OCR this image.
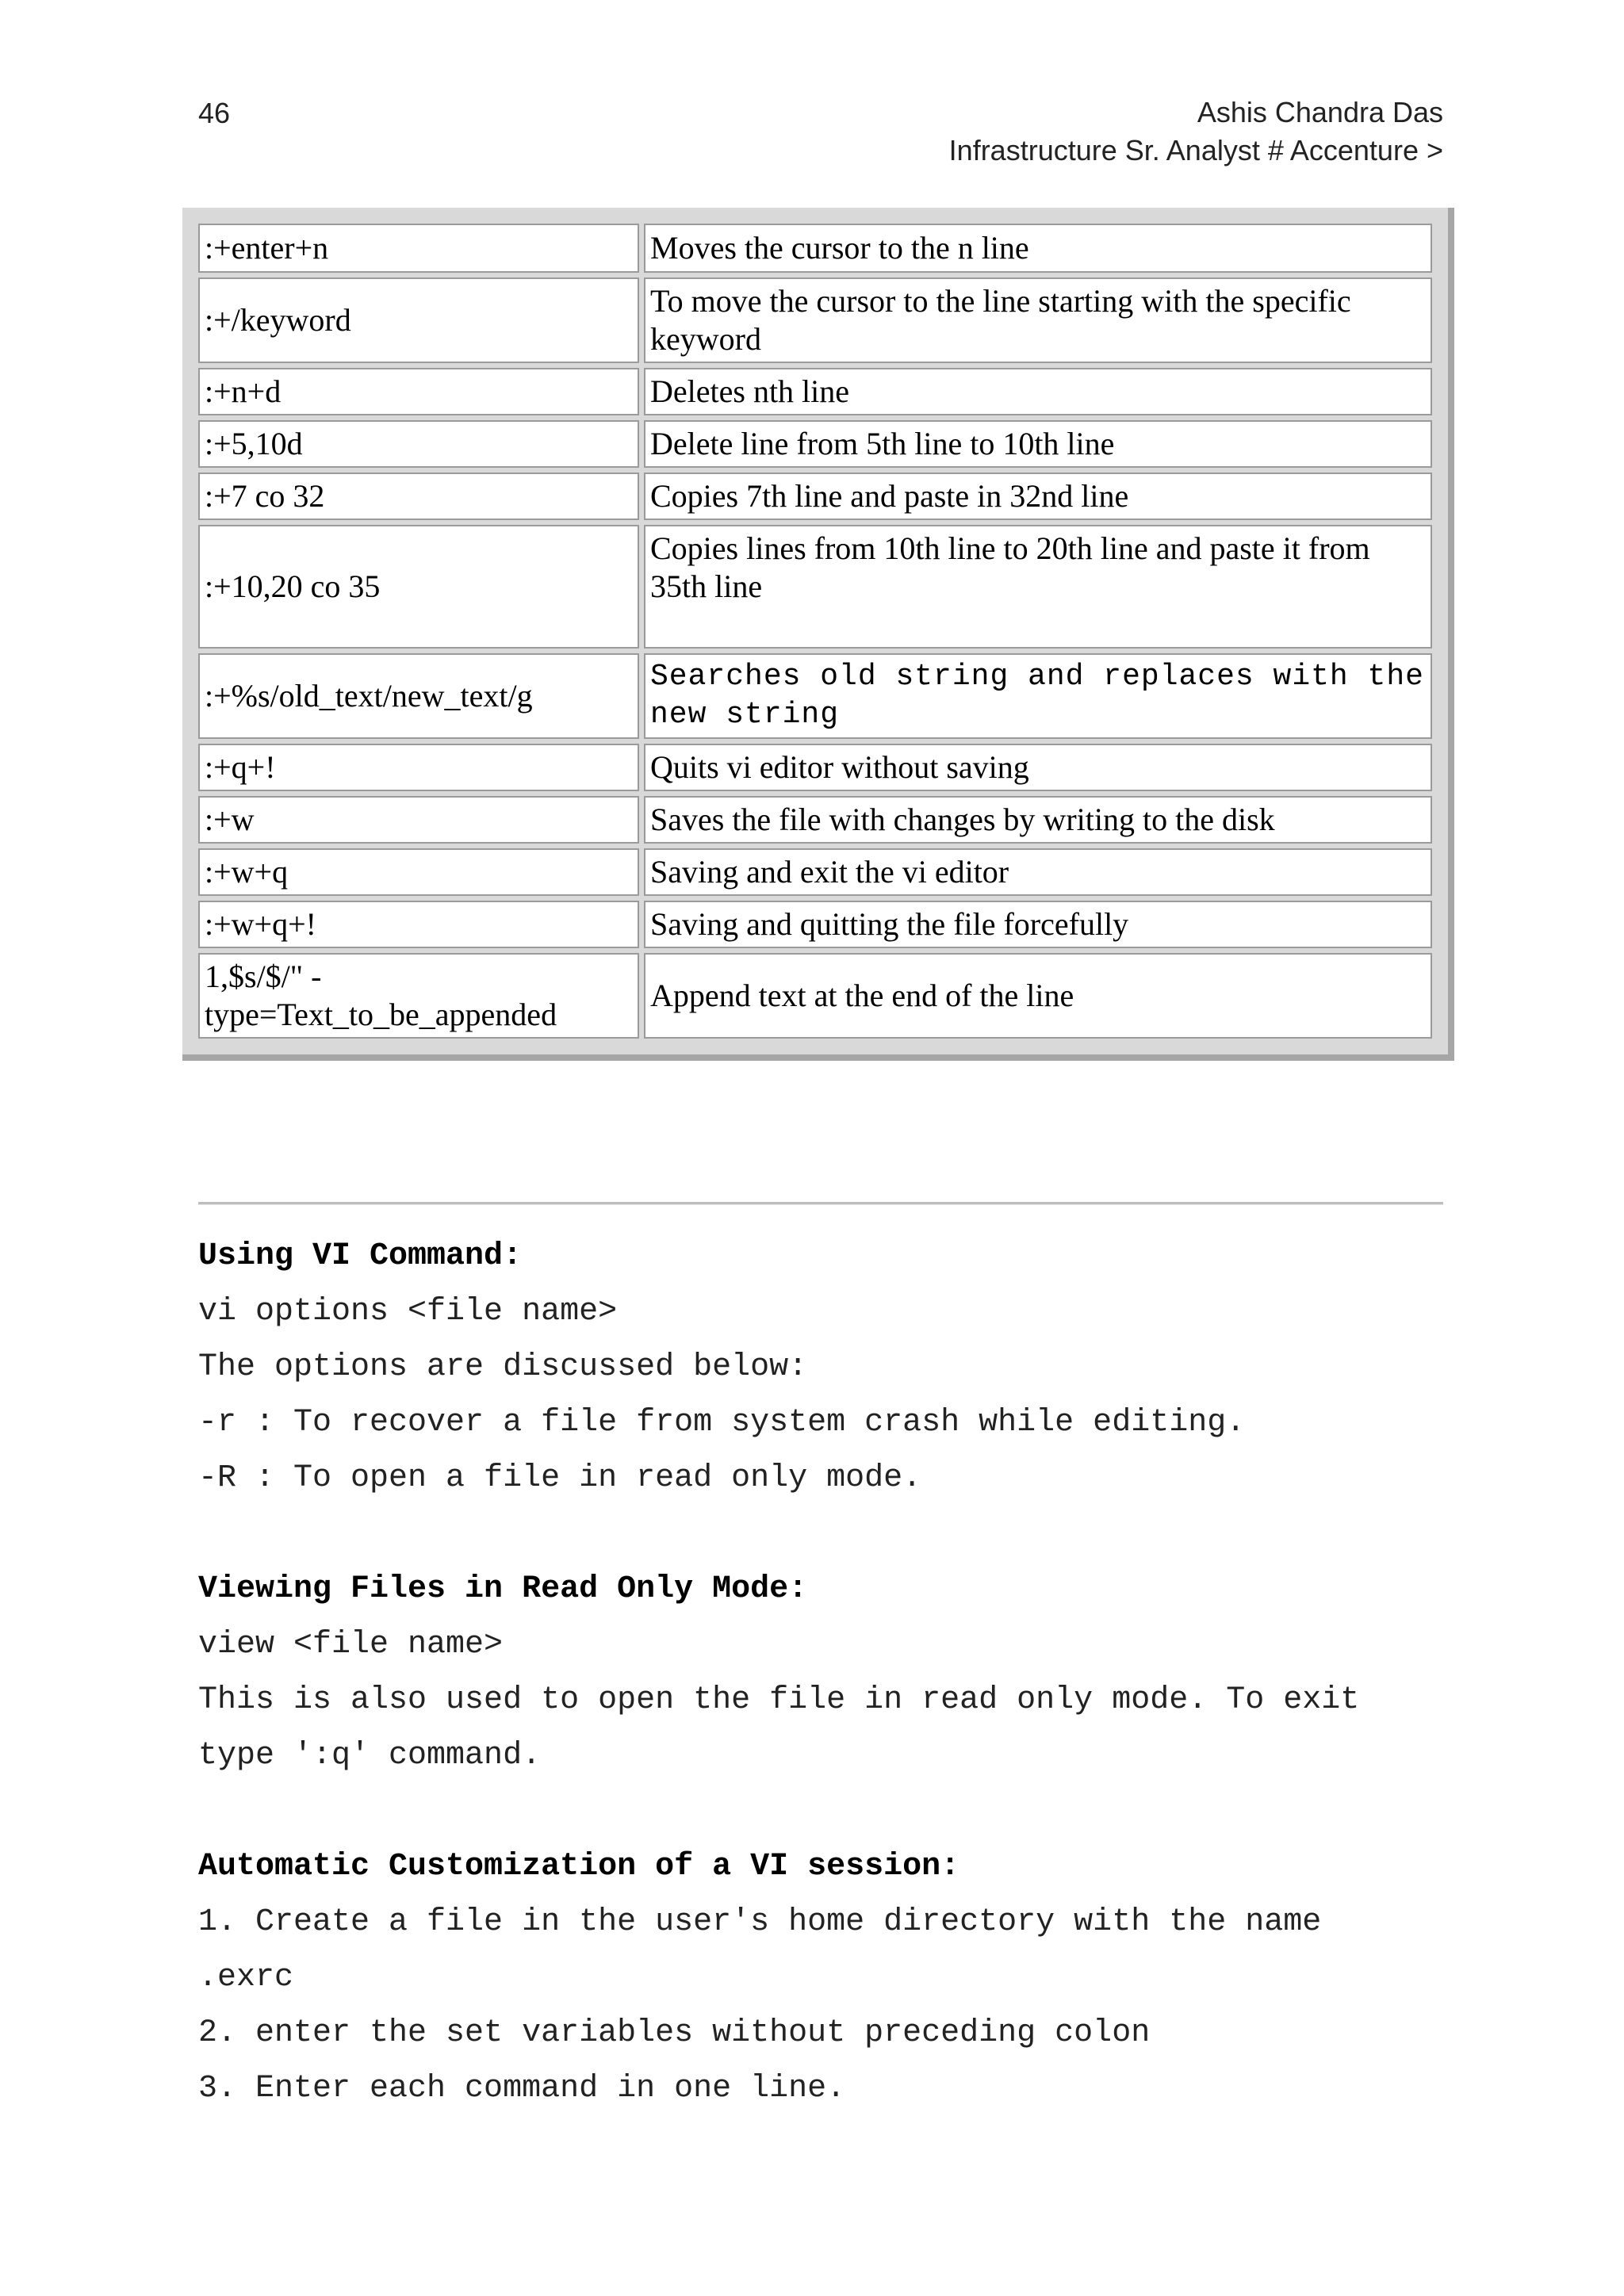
46	Ashis Chandra Das
Infrastructure Sr. Analyst # Accenture >
:+enter+n	Moves the cursor to the n line
:+/keyword	To move the cursor to the line starting with the specific keyword
:+n+d	Deletes nth line
:+5,10d	Delete line from 5th line to 10th line
:+7 co 32	Copies 7th line and paste in 32nd line
:+10,20 co 35	Copies lines from 10th line to 20th line and paste it from 35th line
:+%s/old_text/new_text/g	Searches old string and replaces with the new string
:+q+!	Quits vi editor without saving
:+w	Saves the file with changes by writing to the disk
:+w+q	Saving and exit the vi editor
:+w+q+!	Saving and quitting the file forcefully
1,$s/$/" -type=Text_to_be_appended	Append text at the end of the line
Using VI Command:

vi options <file name>

The options are discussed below:

-r : To recover a file from system crash while editing.

-R : To open a file in read only mode.

Viewing Files in Read Only Mode:

view <file name>

This is also used to open the file in read only mode. To exit

type ':q' command.

Automatic Customization of a VI session:

1. Create a file in the user's home directory with the name

.exrc

2. enter the set variables without preceding colon

3. Enter each command in one line.
